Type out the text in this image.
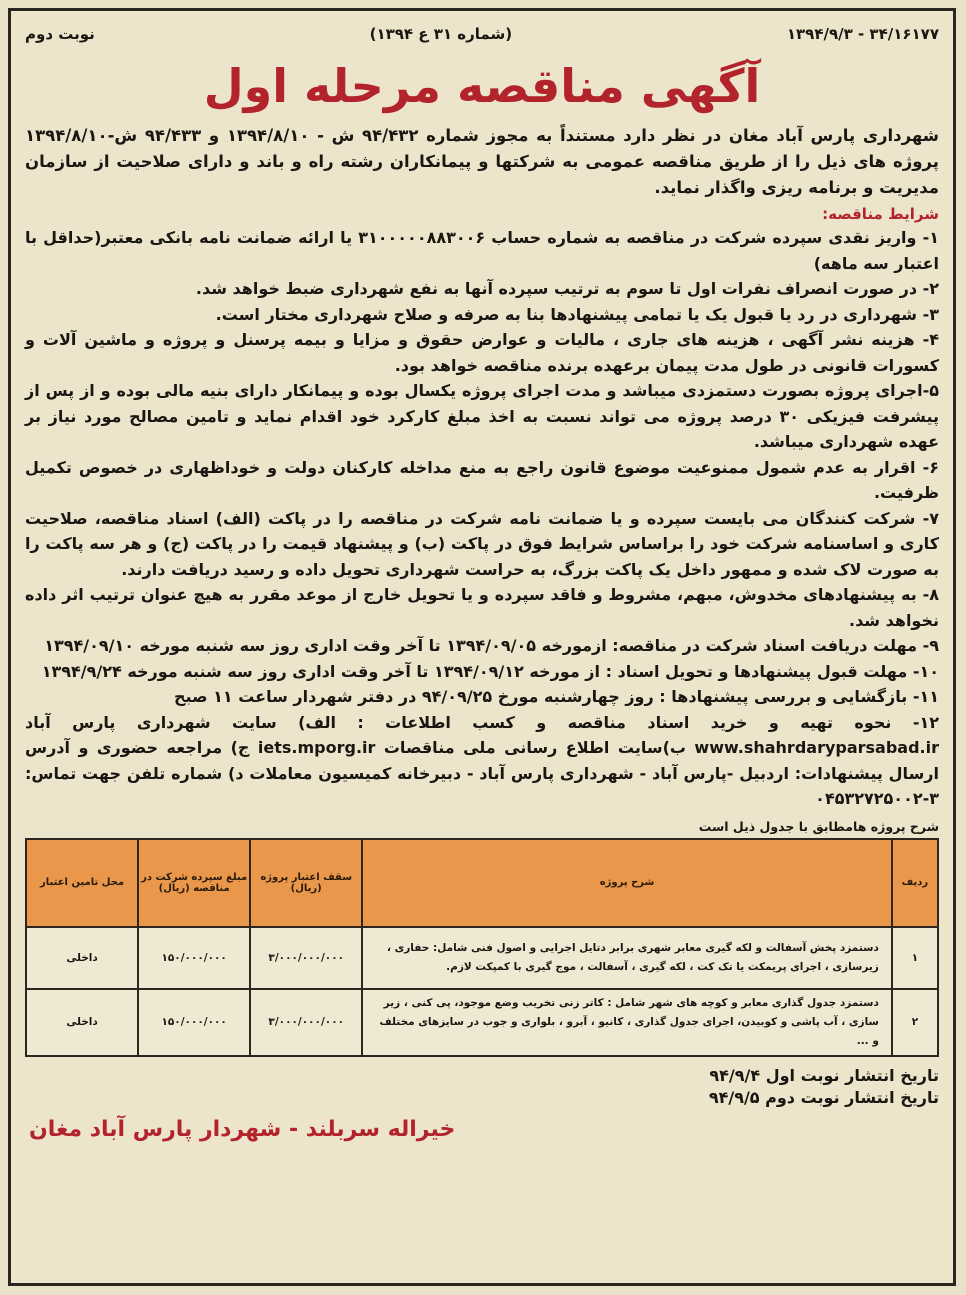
۳۴/۱۶۱۷۷ - ۱۳۹۴/۹/۳
(شماره ۳۱ ع ۱۳۹۴)
نوبت دوم
آگهی مناقصه مرحله اول
شهرداری پارس آباد مغان در نظر دارد مستنداً به مجوز شماره ۹۴/۴۳۲ ش - ۱۳۹۴/۸/۱۰ و ۹۴/۴۳۳ ش-۱۳۹۴/۸/۱۰ پروژه های ذیل را از طریق مناقصه عمومی به شرکتها و پیمانکاران رشته راه و باند و دارای صلاحیت از سازمان مدیریت و برنامه ریزی واگذار نماید.
شرایط مناقصه:

۱- واریز نقدی سپرده شرکت در مناقصه به شماره حساب ۳۱۰۰۰۰۰۸۸۳۰۰۶ یا ارائه ضمانت نامه بانکی معتبر(حداقل با اعتبار سه ماهه)

۲- در صورت انصراف نفرات اول تا سوم به ترتیب سپرده آنها به نفع شهرداری ضبط خواهد شد.

۳- شهرداری در رد یا قبول یک یا تمامی پیشنهادها بنا به صرفه و صلاح شهرداری مختار است.

۴- هزینه نشر آگهی ، هزینه های جاری ، مالیات و عوارض حقوق و مزایا و بیمه پرسنل و پروژه و ماشین آلات و کسورات قانونی در طول مدت پیمان برعهده برنده مناقصه خواهد بود.

۵-اجرای پروژه بصورت دستمزدی میباشد و مدت اجرای پروژه یکسال بوده و پیمانکار دارای بنیه مالی بوده و از پس از پیشرفت فیزیکی ۳۰ درصد پروژه می تواند نسبت به اخذ مبلغ کارکرد خود اقدام نماید و تامین مصالح مورد نیاز بر عهده شهرداری میباشد.

۶- اقرار به عدم شمول ممنوعیت موضوع قانون راجع به منع مداخله کارکنان دولت و خوداظهاری در خصوص تکمیل ظرفیت.

۷- شرکت کنندگان می بایست سپرده و یا ضمانت نامه شرکت در مناقصه را در پاکت (الف) اسناد مناقصه، صلاحیت کاری و اساسنامه شرکت خود را براساس شرایط فوق در پاکت (ب) و پیشنهاد قیمت را در پاکت (ج) و هر سه پاکت را به صورت لاک شده و ممهور داخل یک پاکت بزرگ، به حراست شهرداری تحویل داده و رسید دریافت دارند.

۸- به پیشنهادهای مخدوش، مبهم، مشروط و فاقد سپرده و یا تحویل خارج از موعد مقرر به هیچ عنوان ترتیب اثر داده نخواهد شد.

۹- مهلت دریافت اسناد شرکت در مناقصه: ازمورخه ۱۳۹۴/۰۹/۰۵ تا آخر وقت اداری روز سه شنبه مورخه ۱۳۹۴/۰۹/۱۰

۱۰- مهلت قبول پیشنهادها و تحویل اسناد : از مورخه ۱۳۹۴/۰۹/۱۲ تا آخر وقت اداری روز سه شنبه مورخه ۱۳۹۴/۹/۲۴

۱۱- بازگشایی و بررسی پیشنهادها : روز چهارشنبه مورخ ۹۴/۰۹/۲۵ در دفتر شهردار ساعت ۱۱ صبح

۱۲- نحوه تهیه و خرید اسناد مناقصه و کسب اطلاعات : الف) سایت شهرداری پارس آباد www.shahrdaryparsabad.ir ب)سایت اطلاع رسانی ملی مناقصات iets.mporg.ir ج) مراجعه حضوری و آدرس ارسال پیشنهادات: اردبیل -پارس آباد - شهرداری پارس آباد - دبیرخانه کمیسیون معاملات د) شماره تلفن جهت تماس: ۳-۰۴۵۳۲۷۲۵۰۰۲

شرح پروژه هامطابق با جدول ذیل است
ردیف	شرح پروژه	سقف اعتبار پروژه (ریال)	مبلغ سپرده شرکت در مناقصه (ریال)	محل تامین اعتبار
۱	دستمزد پخش آسفالت و لکه گیری معابر شهری برابر دتایل اجرایی و اصول فنی شامل: حفاری ، زیرسازی ، اجرای پریمکت یا تک کت ، لکه گیری ، آسفالت ، موج گیری با کمپکت لازم.	۳/۰۰۰/۰۰۰/۰۰۰	۱۵۰/۰۰۰/۰۰۰	داخلی
۲	دستمزد جدول گذاری معابر و کوچه های شهر شامل : کاتر زنی تخریب وضع موجود، پی کنی ، زیر سازی ، آب پاشی و کوبیدن، اجرای جدول گذاری ، کانیو ، آبرو ، بلواری و جوب در سایزهای مختلف و ...	۳/۰۰۰/۰۰۰/۰۰۰	۱۵۰/۰۰۰/۰۰۰	داخلی
تاریخ انتشار نوبت اول ۹۴/۹/۴
تاریخ انتشار نوبت دوم ۹۴/۹/۵
خیراله سربلند - شهردار پارس آباد مغان
